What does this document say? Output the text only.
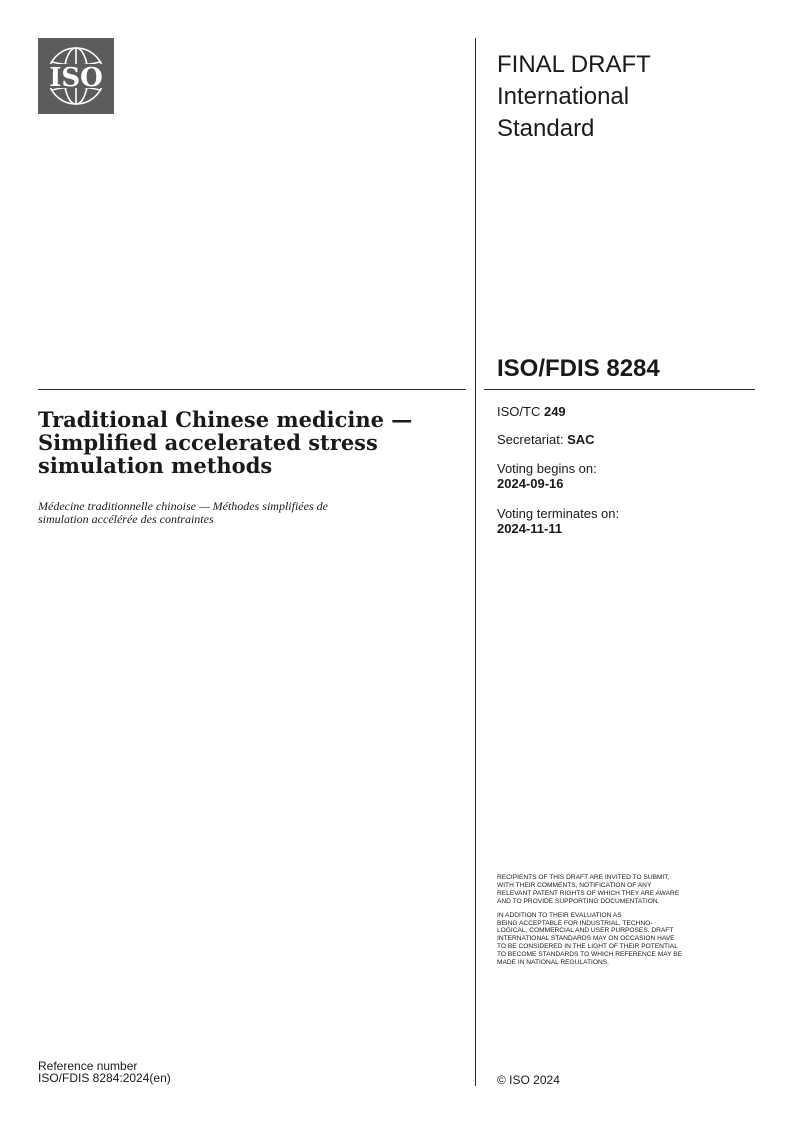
ISO	FINAL DRAFT
International
Standard
ISO/FDIS 8284
Traditional Chinese medicine —
Simplified accelerated stress
simulation methods
Médecine traditionnelle chinoise — Méthodes simplifiées de
simulation accélérée des contraintes
ISO/TC 249
Secretariat: SAC
Voting begins on:
2024-09-16
Voting terminates on:
2024-11-11

RECIPIENTS OF THIS DRAFT ARE INVITED TO SUBMIT,
WITH THEIR COMMENTS, NOTIFICATION OF ANY
RELEVANT PATENT RIGHTS OF WHICH THEY ARE AWARE
AND TO PROVIDE SUPPORTING DOCUMENTATION.

IN ADDITION TO THEIR EVALUATION AS
BEING ACCEPTABLE FOR INDUSTRIAL, TECHNO-
LOGICAL, COMMERCIAL AND USER PURPOSES, DRAFT
INTERNATIONAL STANDARDS MAY ON OCCASION HAVE
TO BE CONSIDERED IN THE LIGHT OF THEIR POTENTIAL
TO BECOME STANDARDS TO WHICH REFERENCE MAY BE
MADE IN NATIONAL REGULATIONS.
Reference number
ISO/FDIS 8284:2024(en)	© ISO 2024
